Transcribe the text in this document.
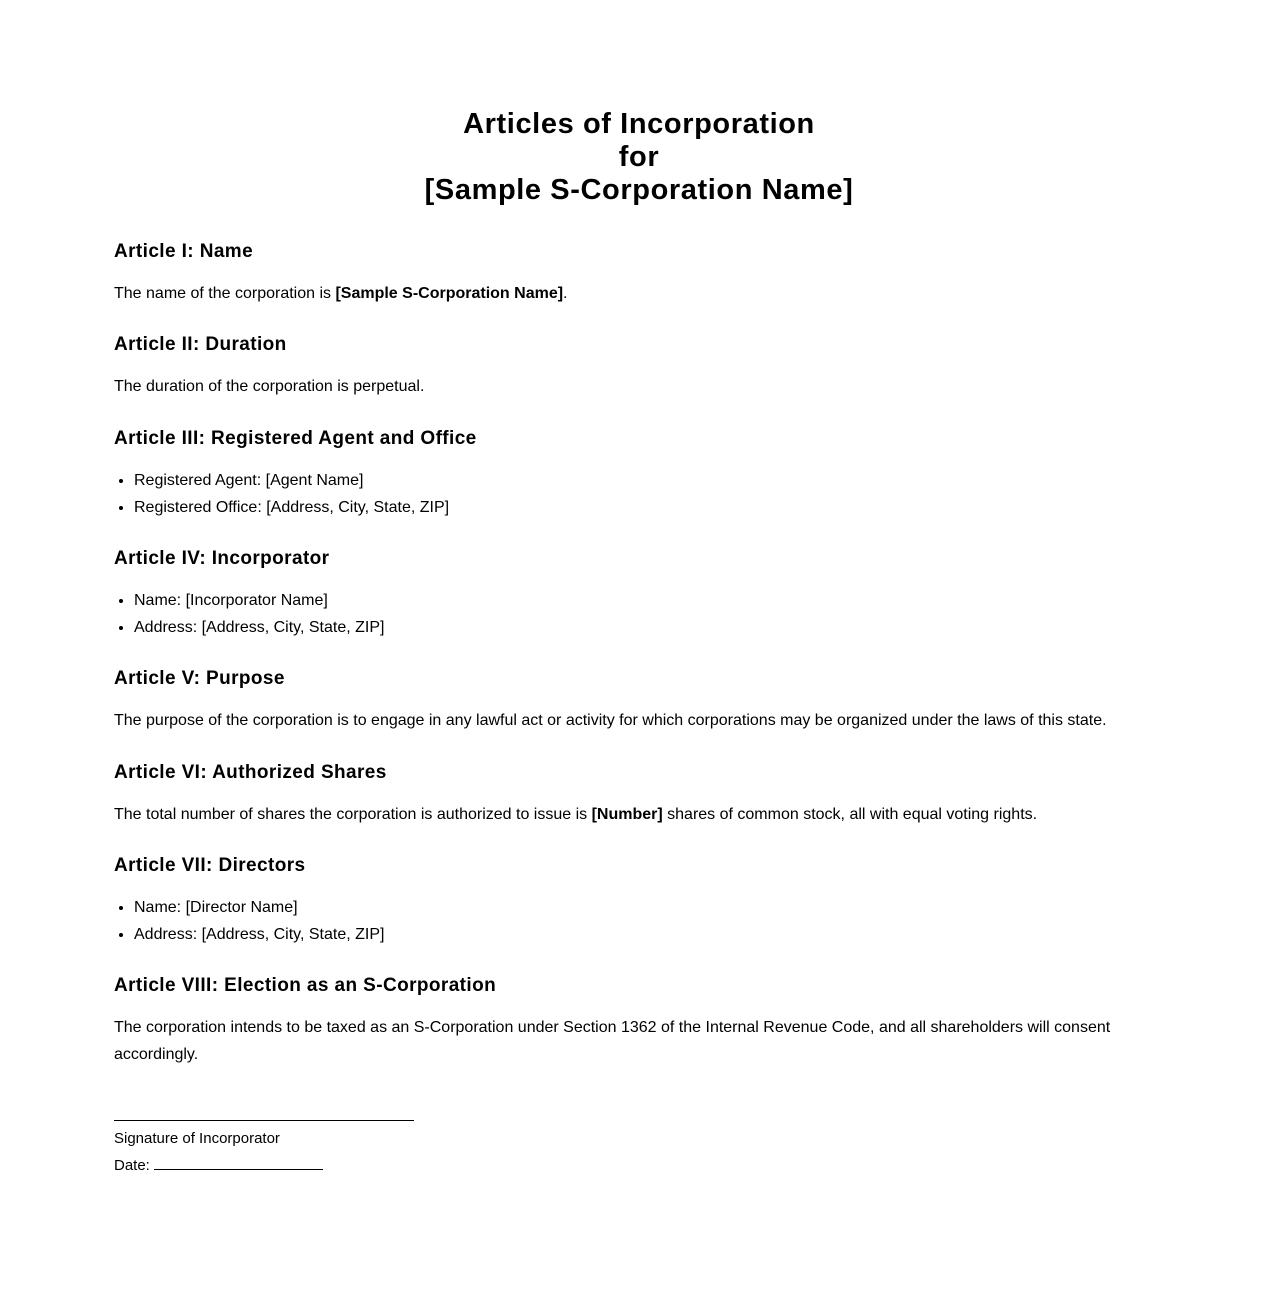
Articles of Incorporation
for
[Sample S-Corporation Name]
Article I: Name

The name of the corporation is [Sample S-Corporation Name].

Article II: Duration

The duration of the corporation is perpetual.

Article III: Registered Agent and Office
• Registered Agent: [Agent Name]
• Registered Office: [Address, City, State, ZIP]
Article IV: Incorporator
• Name: [Incorporator Name]
• Address: [Address, City, State, ZIP]
Article V: Purpose

The purpose of the corporation is to engage in any lawful act or activity for which corporations may be organized under the laws of this state.

Article VI: Authorized Shares

The total number of shares the corporation is authorized to issue is [Number] shares of common stock, all with equal voting rights.

Article VII: Directors
• Name: [Director Name]
• Address: [Address, City, State, ZIP]
Article VIII: Election as an S-Corporation

The corporation intends to be taxed as an S-Corporation under Section 1362 of the Internal Revenue Code, and all shareholders will consent accordingly.

Signature of Incorporator
Date:
